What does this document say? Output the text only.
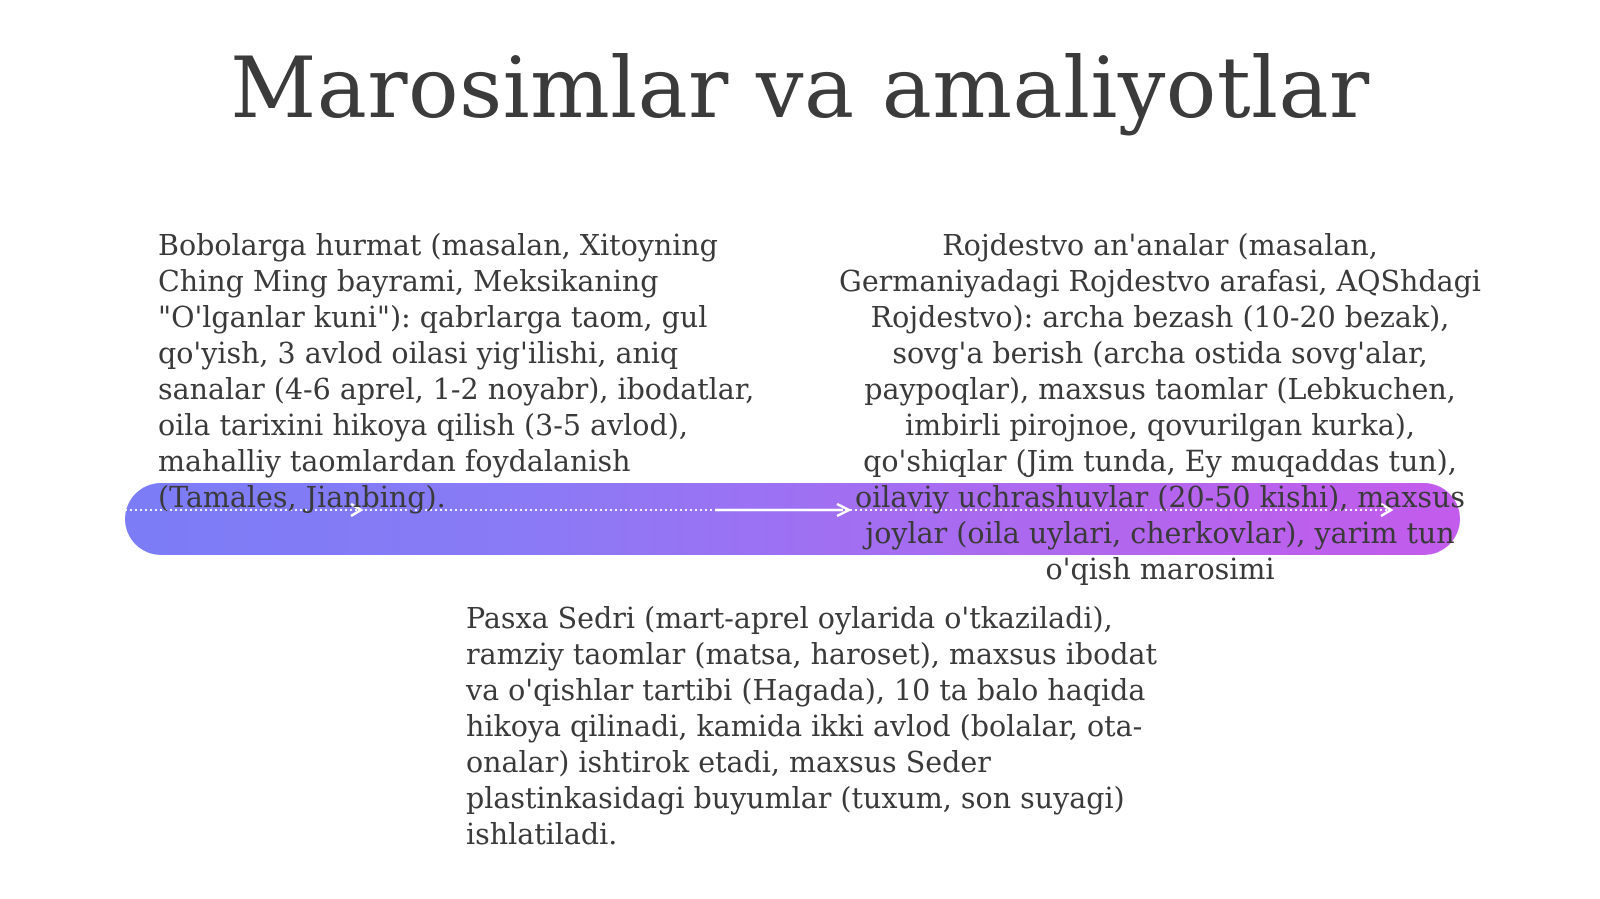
Marosimlar va amaliyotlar

Bobolarga hurmat (masalan, Xitoyning
Ching Ming bayrami, Meksikaning
"O'lganlar kuni"): qabrlarga taom, gul
qo'yish, 3 avlod oilasi yig'ilishi, aniq
sanalar (4-6 aprel, 1-2 noyabr), ibodatlar,
oila tarixini hikoya qilish (3-5 avlod),
mahalliy taomlardan foydalanish
(Tamales, Jianbing).

Rojdestvo an'analar (masalan,
Germaniyadagi Rojdestvo arafasi, AQShdagi
Rojdestvo): archa bezash (10-20 bezak),
sovg'a berish (archa ostida sovg'alar,
paypoqlar), maxsus taomlar (Lebkuchen,
imbirli pirojnoe, qovurilgan kurka),
qo'shiqlar (Jim tunda, Ey muqaddas tun),
oilaviy uchrashuvlar (20-50 kishi), maxsus
joylar (oila uylari, cherkovlar), yarim tun
o'qish marosimi

Pasxa Sedri (mart-aprel oylarida o'tkaziladi),
ramziy taomlar (matsa, haroset), maxsus ibodat
va o'qishlar tartibi (Hagada), 10 ta balo haqida
hikoya qilinadi, kamida ikki avlod (bolalar, ota-
onalar) ishtirok etadi, maxsus Seder
plastinkasidagi buyumlar (tuxum, son suyagi)
ishlatiladi.
